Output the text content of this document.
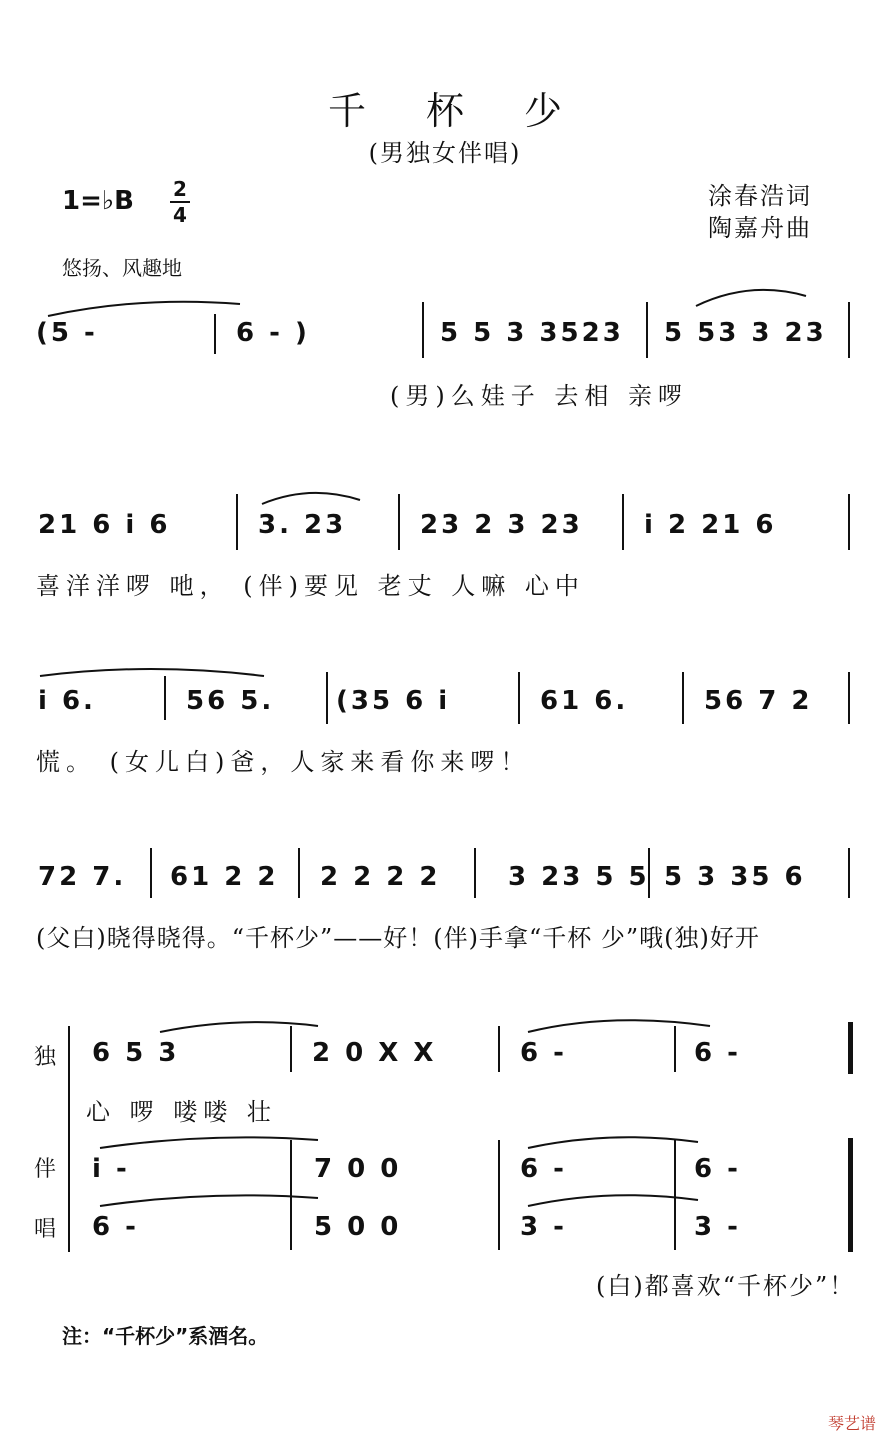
千杯少
(男独女伴唱)
1=♭B 2
4
涂春浩词
陶嘉舟曲
悠扬、风趣地
(5 -	6 - )	5 5 3 3523 5 53 3 23
(男)么娃子 去相 亲啰
21 6 i 6	3. 23	23 2 3 23 i 2 21 6
喜洋洋啰 吔， (伴)要见 老丈 人嘛 心中
i 6.	56 5. (35 6 i	61 6.	56 7 2
慌。 (女儿白)爸，人家来看你来啰！
72 7. 61 2 2 2 2 2 2	3 23 5 5 5 3 35 6
(父白)晓得晓得。“千杯少”——好！(伴)手拿“千杯 少”哦(独)好开
独
伴
唱
6 5 3	2 0 X X	6 -	6 -
心 啰 喽喽 壮
i -	7 0 0	6 -	6 -
6 -	5 0 0	3 -	3 -
(白)都喜欢“千杯少”！
注：“千杯少”系酒名。
琴艺谱
